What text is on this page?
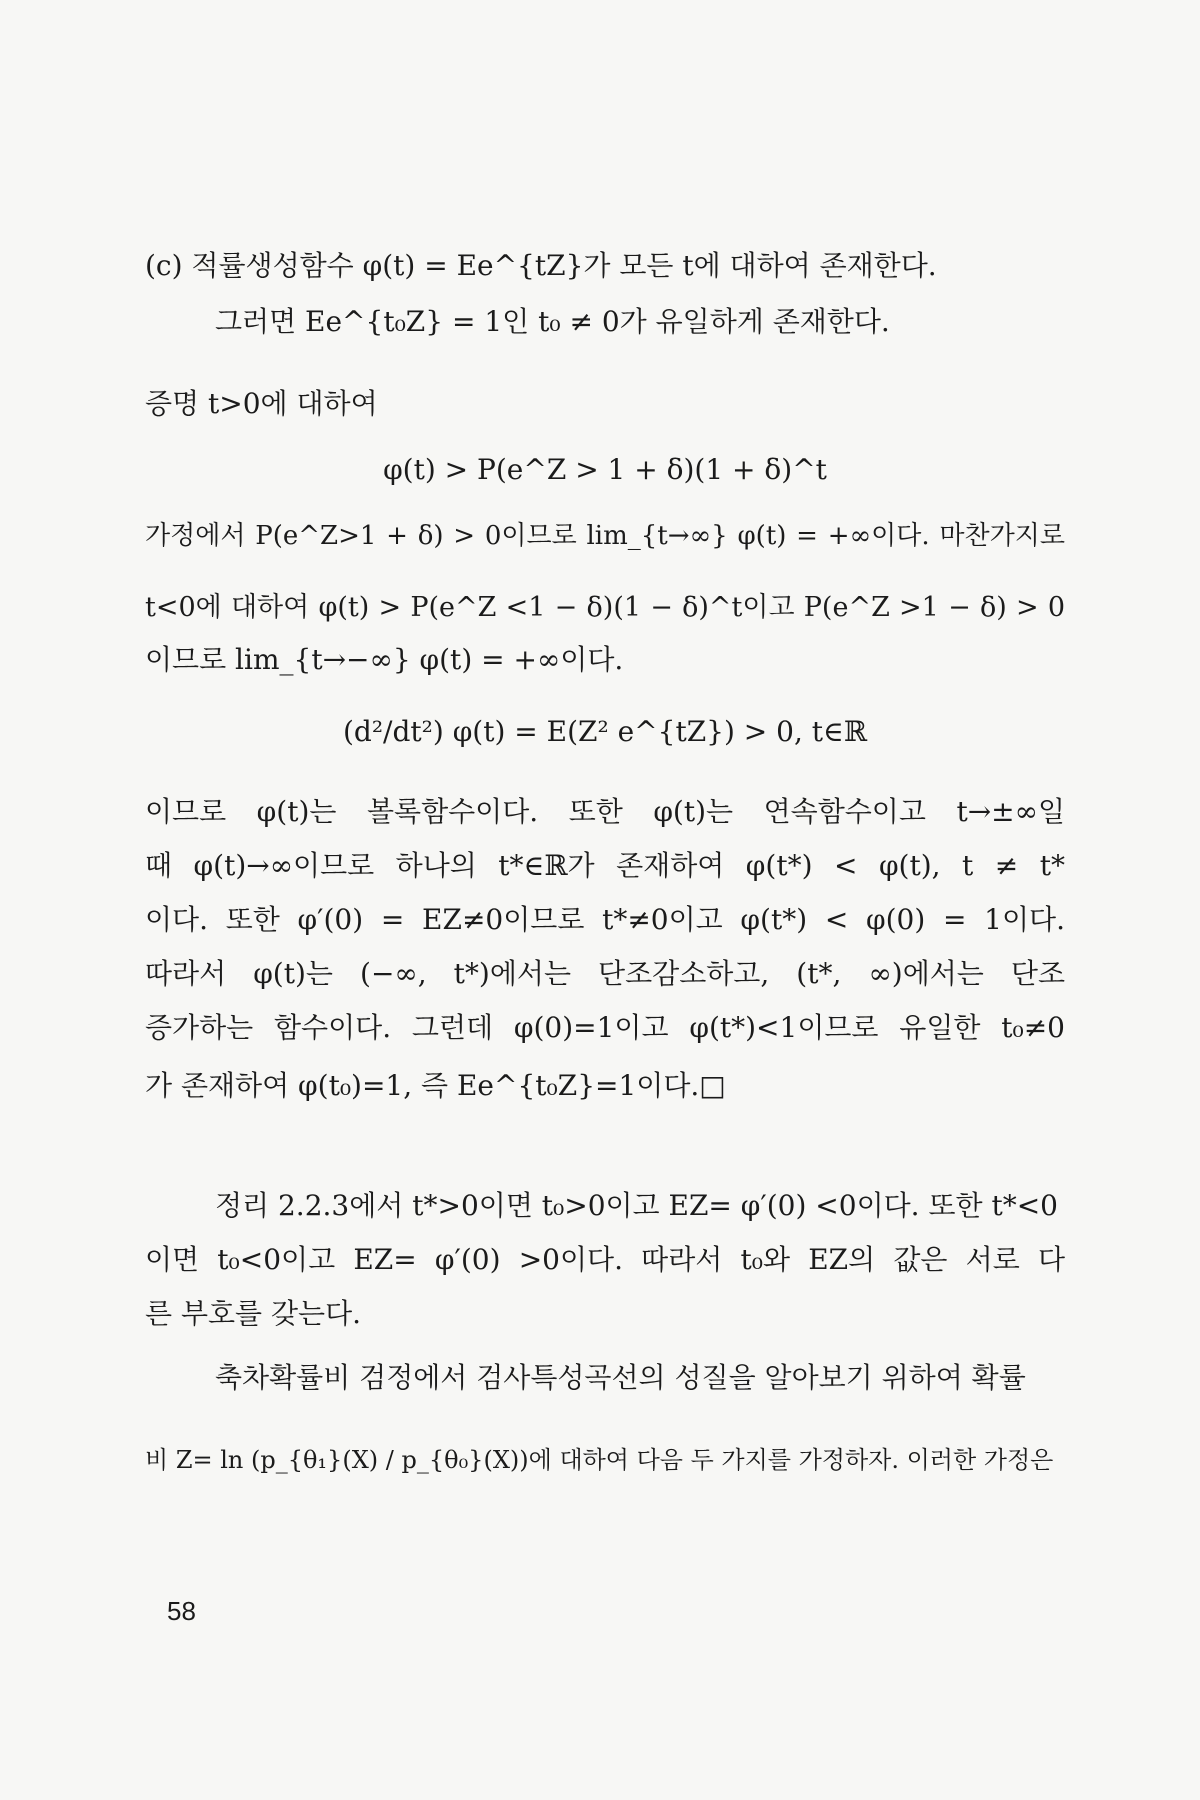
(c) 적률생성함수 φ(t) = Ee^{tZ}가 모든 t에 대하여 존재한다.
그러면 Ee^{t₀Z} = 1인 t₀ ≠ 0가 유일하게 존재한다.
증명 t>0에 대하여
φ(t) > P(e^Z > 1 + δ)(1 + δ)^t
가정에서 P(e^Z>1 + δ) > 0이므로 lim_{t→∞} φ(t) = +∞이다. 마찬가지로
t<0에 대하여 φ(t) > P(e^Z <1 − δ)(1 − δ)^t이고 P(e^Z >1 − δ) > 0
이므로 lim_{t→−∞} φ(t) = +∞이다.
(d²/dt²) φ(t) = E(Z² e^{tZ}) > 0, t∈ℝ
이므로 φ(t)는 볼록함수이다. 또한 φ(t)는 연속함수이고 t→±∞일
때 φ(t)→∞이므로 하나의 t*∈ℝ가 존재하여 φ(t*) < φ(t), t ≠ t*
이다. 또한 φ′(0) = EZ≠0이므로 t*≠0이고 φ(t*) < φ(0) = 1이다.
따라서 φ(t)는 (−∞, t*)에서는 단조감소하고, (t*, ∞)에서는 단조
증가하는 함수이다. 그런데 φ(0)=1이고 φ(t*)<1이므로 유일한 t₀≠0
가 존재하여 φ(t₀)=1, 즉 Ee^{t₀Z}=1이다.□
정리 2.2.3에서 t*>0이면 t₀>0이고 EZ= φ′(0) <0이다. 또한 t*<0
이면 t₀<0이고 EZ= φ′(0) >0이다. 따라서 t₀와 EZ의 값은 서로 다
른 부호를 갖는다.
축차확률비 검정에서 검사특성곡선의 성질을 알아보기 위하여 확률
비 Z= ln (p_{θ₁}(X) / p_{θ₀}(X))에 대하여 다음 두 가지를 가정하자. 이러한 가정은
58
